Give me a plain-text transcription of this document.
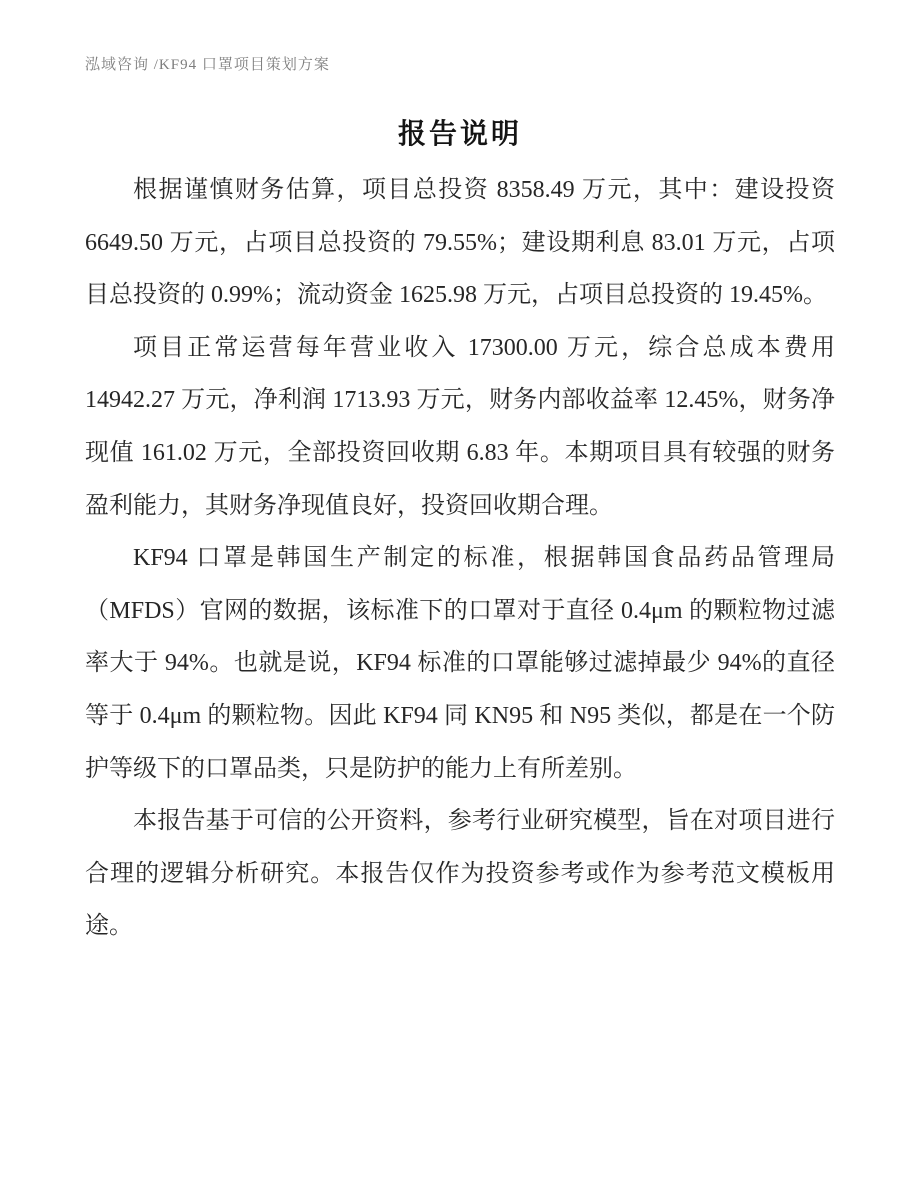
泓域咨询 /KF94 口罩项目策划方案
报告说明

根据谨慎财务估算，项目总投资 8358.49 万元，其中：建设投资 6649.50 万元，占项目总投资的 79.55%；建设期利息 83.01 万元，占项目总投资的 0.99%；流动资金 1625.98 万元，占项目总投资的 19.45%。

项目正常运营每年营业收入 17300.00 万元，综合总成本费用 14942.27 万元，净利润 1713.93 万元，财务内部收益率 12.45%，财务净现值 161.02 万元，全部投资回收期 6.83 年。本期项目具有较强的财务盈利能力，其财务净现值良好，投资回收期合理。

KF94 口罩是韩国生产制定的标准，根据韩国食品药品管理局（MFDS）官网的数据，该标准下的口罩对于直径 0.4μm 的颗粒物过滤率大于 94%。也就是说，KF94 标准的口罩能够过滤掉最少 94%的直径等于 0.4μm 的颗粒物。因此 KF94 同 KN95 和 N95 类似，都是在一个防护等级下的口罩品类，只是防护的能力上有所差别。

本报告基于可信的公开资料，参考行业研究模型，旨在对项目进行合理的逻辑分析研究。本报告仅作为投资参考或作为参考范文模板用途。
